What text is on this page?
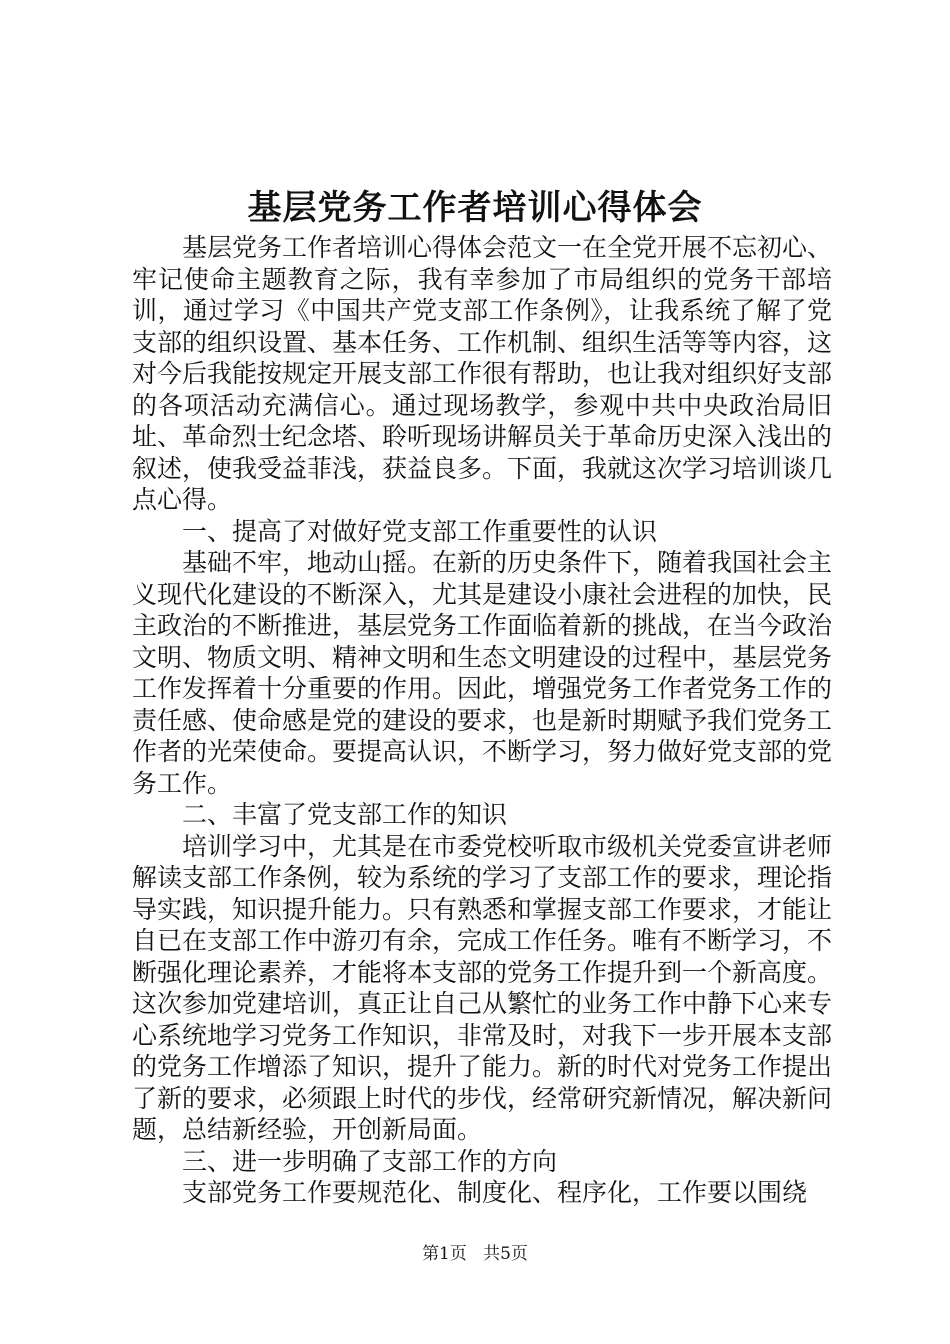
基层党务工作者培训心得体会

基层党务工作者培训心得体会范文一在全党开展不忘初心、牢记使命主题教育之际，我有幸参加了市局组织的党务干部培训，通过学习《中国共产党支部工作条例》，让我系统了解了党支部的组织设置、基本任务、工作机制、组织生活等等内容，这对今后我能按规定开展支部工作很有帮助，也让我对组织好支部的各项活动充满信心。通过现场教学，参观中共中央政治局旧址、革命烈士纪念塔、聆听现场讲解员关于革命历史深入浅出的叙述，使我受益菲浅，获益良多。下面，我就这次学习培训谈几点心得。

一、提高了对做好党支部工作重要性的认识

基础不牢，地动山摇。在新的历史条件下，随着我国社会主义现代化建设的不断深入，尤其是建设小康社会进程的加快，民主政治的不断推进，基层党务工作面临着新的挑战，在当今政治文明、物质文明、精神文明和生态文明建设的过程中，基层党务工作发挥着十分重要的作用。因此，增强党务工作者党务工作的责任感、使命感是党的建设的要求，也是新时期赋予我们党务工作者的光荣使命。要提高认识，不断学习，努力做好党支部的党务工作。

二、丰富了党支部工作的知识

培训学习中，尤其是在市委党校听取市级机关党委宣讲老师解读支部工作条例，较为系统的学习了支部工作的要求，理论指导实践，知识提升能力。只有熟悉和掌握支部工作要求，才能让自已在支部工作中游刃有余，完成工作任务。唯有不断学习，不断强化理论素养，才能将本支部的党务工作提升到一个新高度。这次参加党建培训，真正让自己从繁忙的业务工作中静下心来专心系统地学习党务工作知识，非常及时，对我下一步开展本支部的党务工作增添了知识，提升了能力。新的时代对党务工作提出了新的要求，必须跟上时代的步伐，经常研究新情况，解决新问题，总结新经验，开创新局面。

三、进一步明确了支部工作的方向

支部党务工作要规范化、制度化、程序化，工作要以围绕

第1页 共5页
